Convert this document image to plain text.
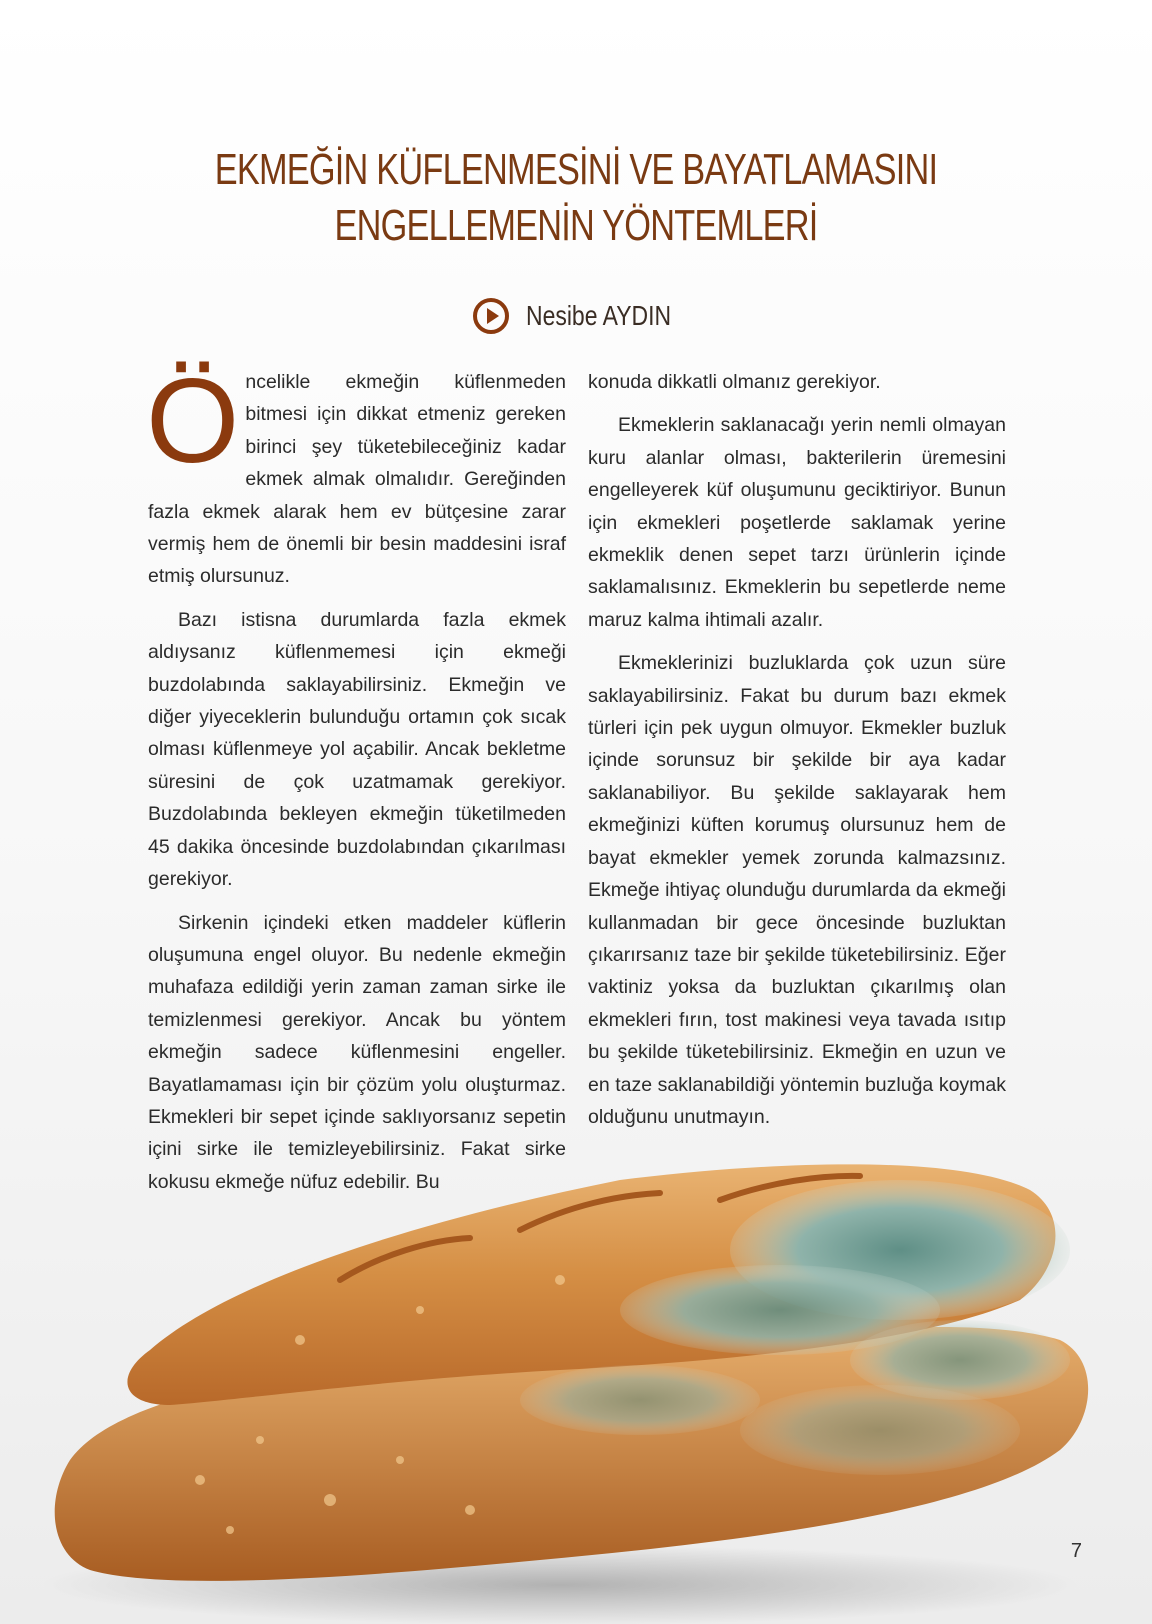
EKMEĞİN KÜFLENMESİNİ VE BAYATLAMASINI
ENGELLEMENİN YÖNTEMLERİ
Nesibe AYDIN

Öncelikle ekmeğin küflenmeden bitmesi için dikkat etmeniz gereken birinci şey tüketebileceğiniz kadar ekmek almak olmalıdır. Gereğinden fazla ekmek alarak hem ev bütçesine zarar vermiş hem de önemli bir besin maddesini israf etmiş olursunuz.

Bazı istisna durumlarda fazla ekmek aldıysanız küflenmemesi için ekmeği buzdolabında saklayabilirsiniz. Ekmeğin ve diğer yiyeceklerin bulunduğu ortamın çok sıcak olması küflenmeye yol açabilir. Ancak bekletme süresini de çok uzatmamak gerekiyor. Buzdolabında bekleyen ekmeğin tüketilmeden 45 dakika öncesinde buzdolabından çıkarılması gerekiyor.

Sirkenin içindeki etken maddeler küflerin oluşumuna engel oluyor. Bu nedenle ekmeğin muhafaza edildiği yerin zaman zaman sirke ile temizlenmesi gerekiyor. Ancak bu yöntem ekmeğin sadece küflenmesini engeller. Bayatlamaması için bir çözüm yolu oluşturmaz. Ekmekleri bir sepet içinde saklıyorsanız sepetin içini sirke ile temizleyebilirsiniz. Fakat sirke kokusu ekmeğe nüfuz edebilir. Bu

konuda dikkatli olmanız gerekiyor.

Ekmeklerin saklanacağı yerin nemli olmayan kuru alanlar olması, bakterilerin üremesini engelleyerek küf oluşumunu geciktiriyor. Bunun için ekmekleri poşetlerde saklamak yerine ekmeklik denen sepet tarzı ürünlerin içinde saklamalısınız. Ekmeklerin bu sepetlerde neme maruz kalma ihtimali azalır.

Ekmeklerinizi buzluklarda çok uzun süre saklayabilirsiniz. Fakat bu durum bazı ekmek türleri için pek uygun olmuyor. Ekmekler buzluk içinde sorunsuz bir şekilde bir aya kadar saklanabiliyor. Bu şekilde saklayarak hem ekmeğinizi küften korumuş olursunuz hem de bayat ekmekler yemek zorunda kalmazsınız. Ekmeğe ihtiyaç olunduğu durumlarda da ekmeği kullanmadan bir gece öncesinde buzluktan çıkarırsanız taze bir şekilde tüketebilirsiniz. Eğer vaktiniz yoksa da buzluktan çıkarılmış olan ekmekleri fırın, tost makinesi veya tavada ısıtıp bu şekilde tüketebilirsiniz. Ekmeğin en uzun ve en taze saklanabildiği yöntemin buzluğa koymak olduğunu unutmayın.

7
